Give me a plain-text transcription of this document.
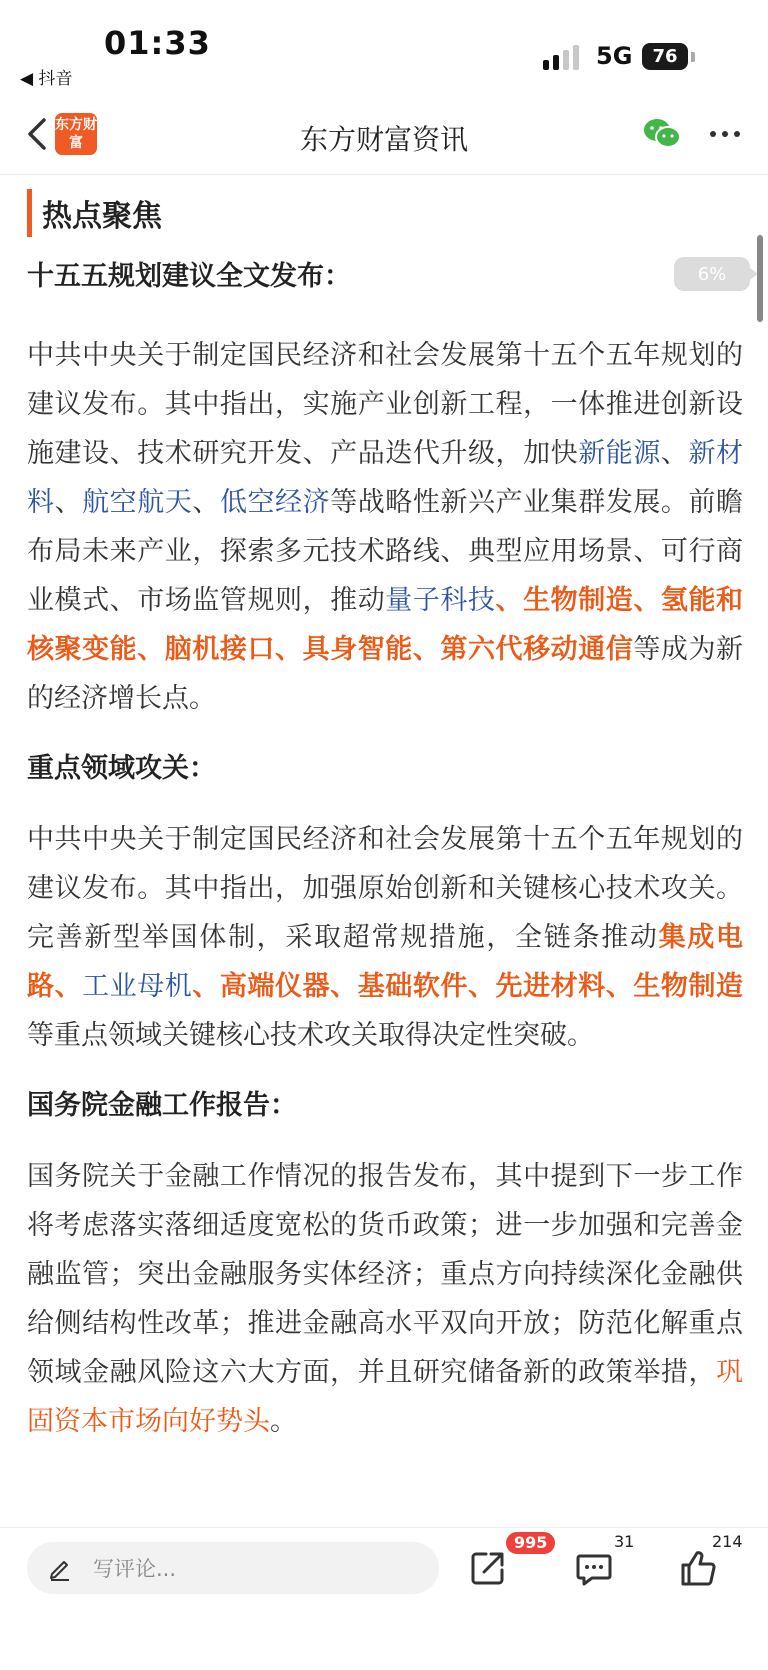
01:33
◀ 抖音
5G	76
东方财富	东方财富资讯
热点聚焦
6%
十五五规划建议全文发布：

中共中央关于制定国民经济和社会发展第十五个五年规划的建议发布。其中指出，实施产业创新工程，一体推进创新设施建设、技术研究开发、产品迭代升级，加快新能源、新材料、航空航天、低空经济等战略性新兴产业集群发展。前瞻布局未来产业，探索多元技术路线、典型应用场景、可行商业模式、市场监管规则，推动量子科技、生物制造、氢能和核聚变能、脑机接口、具身智能、第六代移动通信等成为新的经济增长点。

重点领域攻关：

中共中央关于制定国民经济和社会发展第十五个五年规划的建议发布。其中指出，加强原始创新和关键核心技术攻关。完善新型举国体制，采取超常规措施，全链条推动集成电路、工业母机、高端仪器、基础软件、先进材料、生物制造等重点领域关键核心技术攻关取得决定性突破。

国务院金融工作报告：

国务院关于金融工作情况的报告发布，其中提到下一步工作将考虑落实落细适度宽松的货币政策；进一步加强和完善金融监管；突出金融服务实体经济；重点方向持续深化金融供给侧结构性改革；推进金融高水平双向开放；防范化解重点领域金融风险这六大方面，并且研究储备新的政策举措，巩固资本市场向好势头。

写评论...
995	31	214
